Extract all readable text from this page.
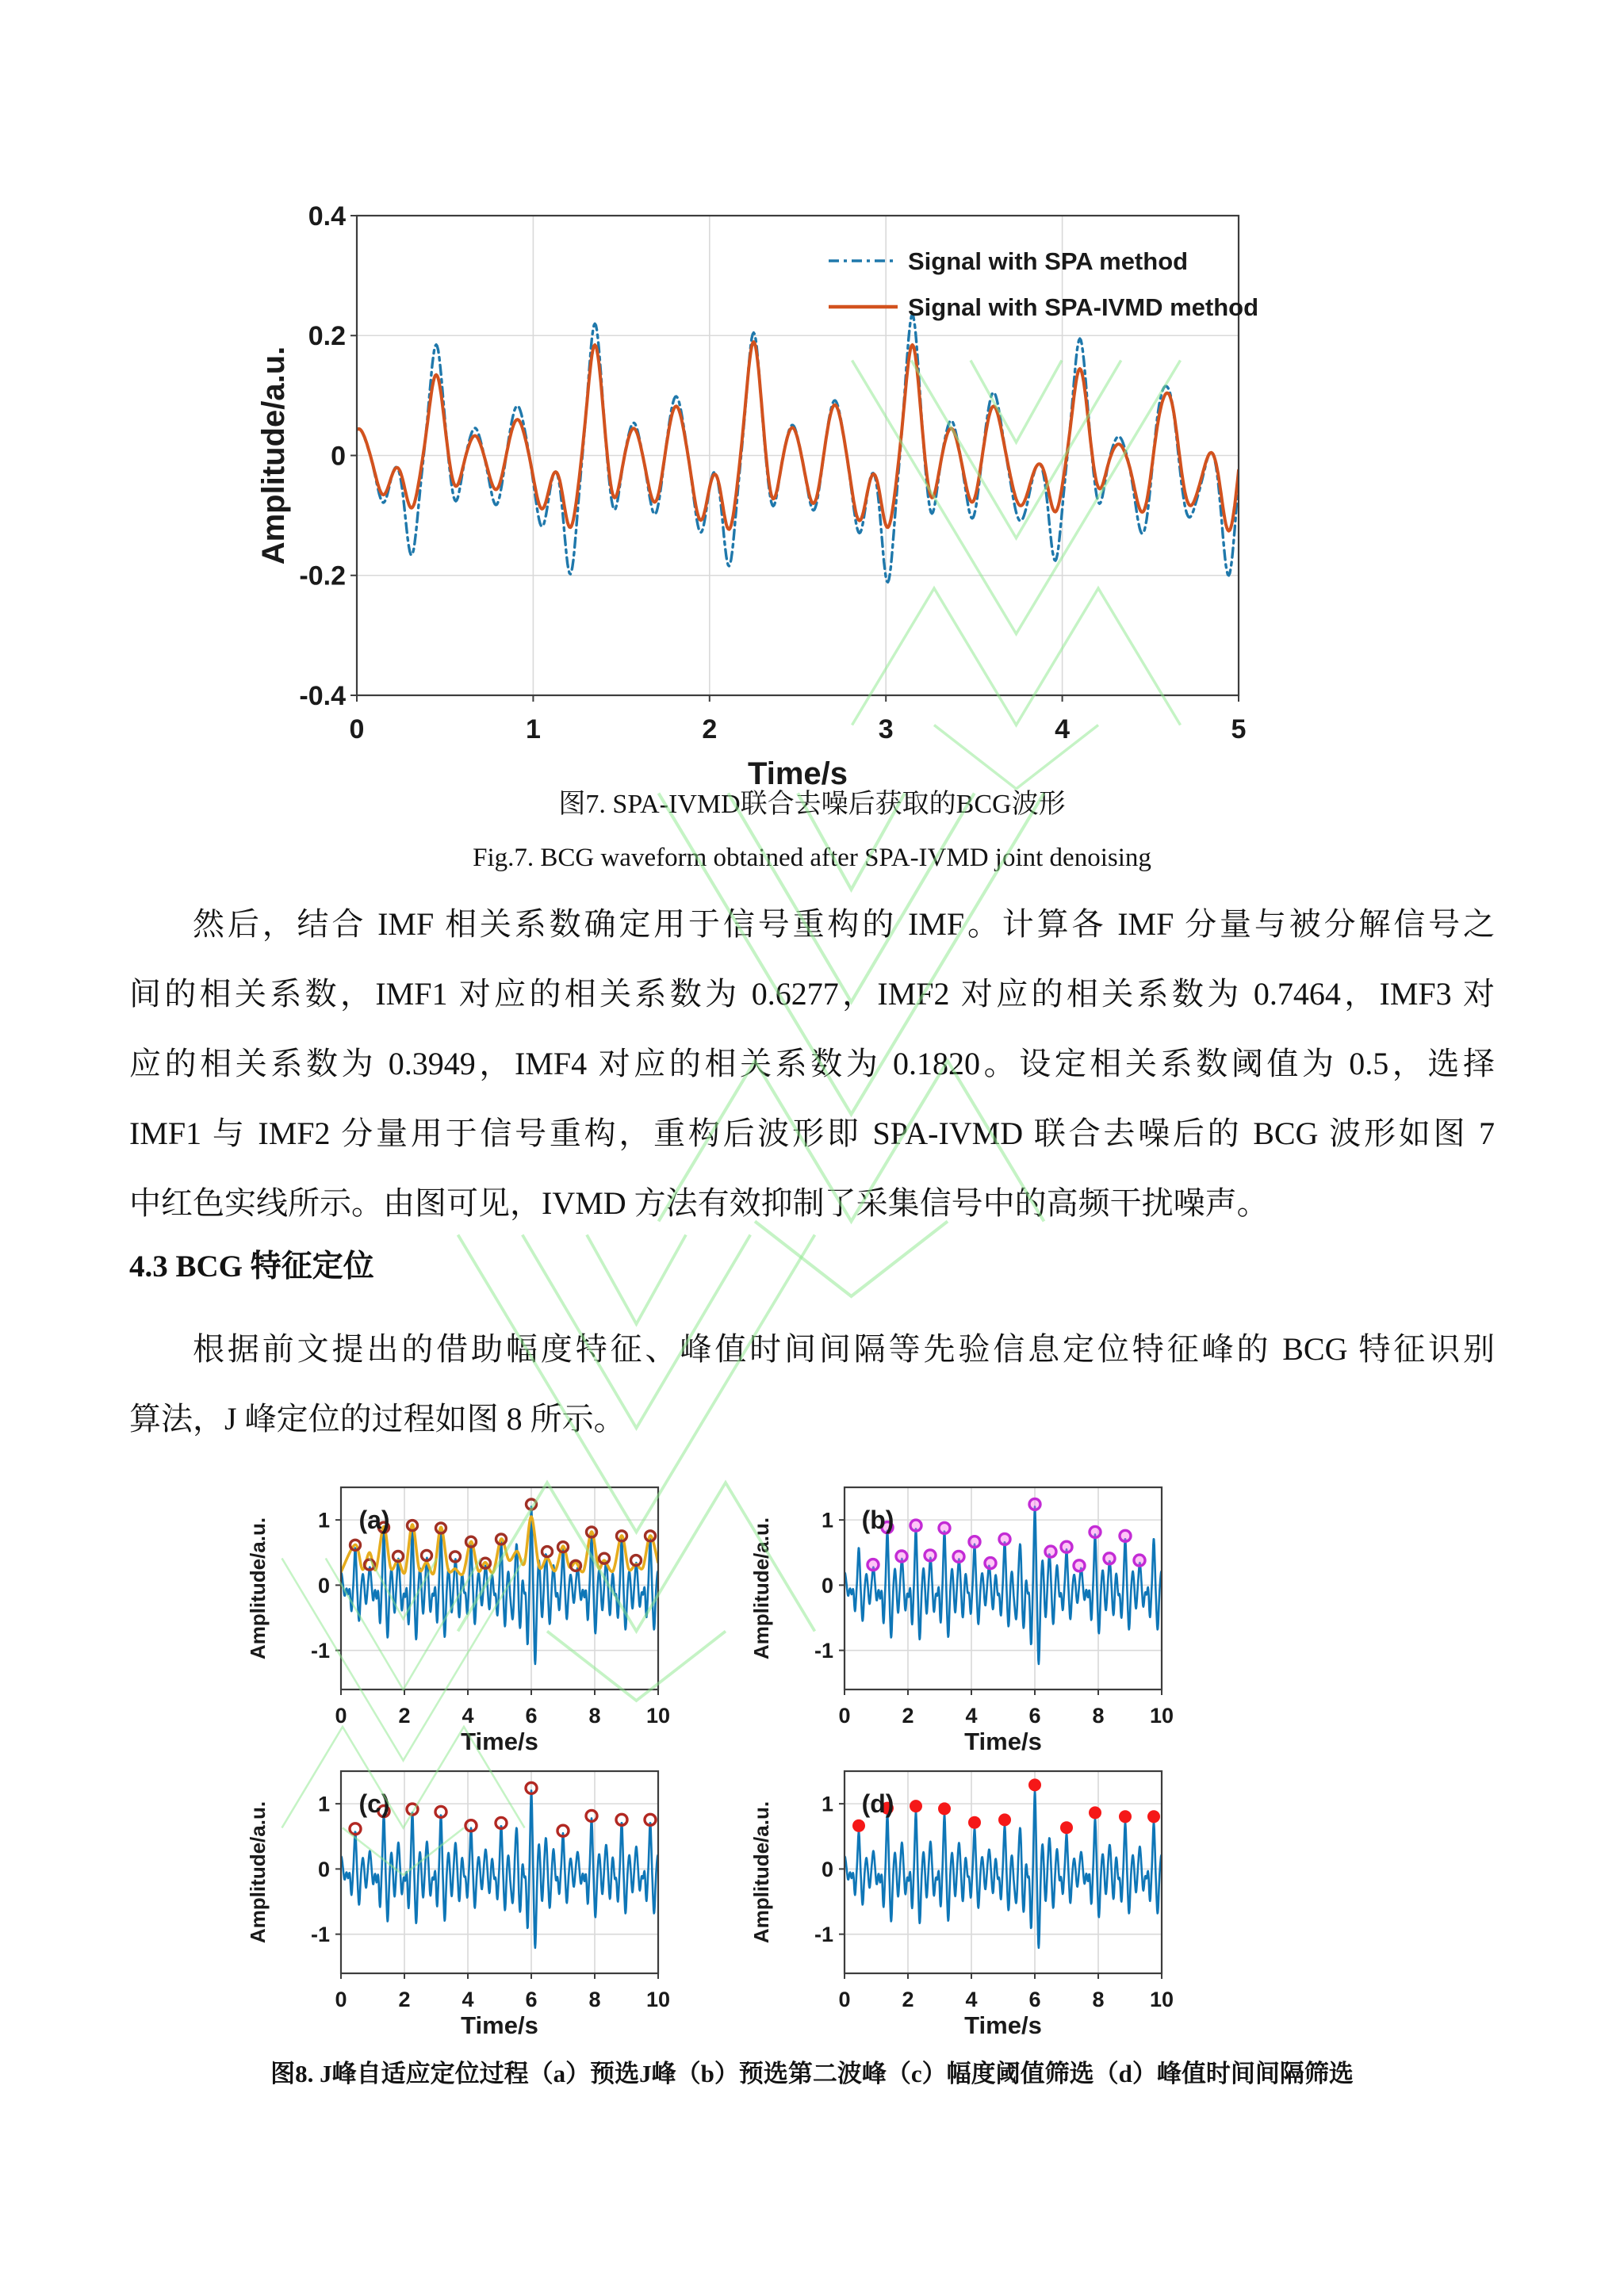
0	1	2	3	4	5
-0.4
-0.2
0
0.2
0.4
Time/s
Amplitude/a.u.
Signal with SPA method
Signal with SPA-IVMD method
图7. SPA-IVMD联合去噪后获取的BCG波形
Fig.7. BCG waveform obtained after SPA-IVMD joint denoising
然后，结合 IMF 相关系数确定用于信号重构的 IMF。计算各 IMF 分量与被分解信号之
间的相关系数，IMF1 对应的相关系数为 0.6277，IMF2 对应的相关系数为 0.7464，IMF3 对
应的相关系数为 0.3949，IMF4 对应的相关系数为 0.1820。设定相关系数阈值为 0.5，选择
IMF1 与 IMF2 分量用于信号重构，重构后波形即 SPA-IVMD 联合去噪后的 BCG 波形如图 7
中红色实线所示。由图可见，IVMD 方法有效抑制了采集信号中的高频干扰噪声。
4.3 BCG 特征定位
根据前文提出的借助幅度特征、峰值时间间隔等先验信息定位特征峰的 BCG 特征识别
算法，J 峰定位的过程如图 8 所示。
0 2 4 6 8 10
-1
0
1
Time/s
Amplitude/a.u.	(a)
0 2 4 6 8 10
-1
0
1
Time/s
Amplitude/a.u.	(b)
0 2 4 6 8 10
-1
0
1
Time/s
Amplitude/a.u.	(c)
0 2 4 6 8 10
-1
0
1
Time/s
Amplitude/a.u.	(d)
图8. J峰自适应定位过程（a）预选J峰（b）预选第二波峰（c）幅度阈值筛选（d）峰值时间间隔筛选
